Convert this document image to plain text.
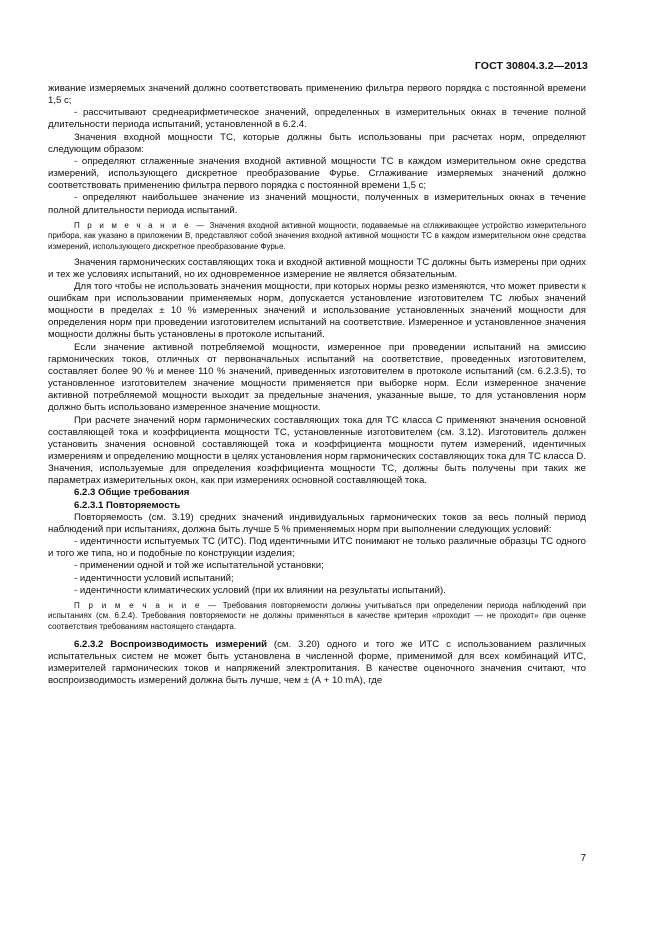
ГОСТ 30804.3.2—2013

живание измеряемых значений должно соответствовать применению фильтра первого порядка с постоянной времени 1,5 с;

- рассчитывают среднеарифметическое значений, определенных в измерительных окнах в течение полной длительности периода испытаний, установленной в 6.2.4.

Значения входной мощности ТС, которые должны быть использованы при расчетах норм, определяют следующим образом:

- определяют сглаженные значения входной активной мощности ТС в каждом измерительном окне средства измерений, использующего дискретное преобразование Фурье. Сглаживание измеряемых значений должно соответствовать применению фильтра первого порядка с постоянной времени 1,5 с;

- определяют наибольшее значение из значений мощности, полученных в измерительных окнах в течение полной длительности периода испытаний.

П р и м е ч а н и е — Значения входной активной мощности, подаваемые на сглаживающее устройство измерительного прибора, как указано в приложении В, представляют собой значения входной активной мощности ТС в каждом измерительном окне средства измерений, использующего дискретное преобразование Фурье.

Значения гармонических составляющих тока и входной активной мощности ТС должны быть измерены при одних и тех же условиях испытаний, но их одновременное измерение не является обязательным.

Для того чтобы не использовать значения мощности, при которых нормы резко изменяются, что может привести к ошибкам при использовании применяемых норм, допускается установление изготовителем ТС любых значений мощности в пределах ± 10 % измеренных значений и использование установленных значений мощности для определения норм при проведении изготовителем испытаний на соответствие. Измеренное и установленное значения мощности должны быть установлены в протоколе испытаний.

Если значение активной потребляемой мощности, измеренное при проведении испытаний на эмиссию гармонических токов, отличных от первоначальных испытаний на соответствие, проведенных изготовителем, составляет более 90 % и менее 110 % значений, приведенных изготовителем в протоколе испытаний (см. 6.2.3.5), то установленное изготовителем значение мощности применяется при выборке норм. Если измеренное значение активной потребляемой мощности выходит за предельные значения, указанные выше, то для установления норм должно быть использовано измеренное значение мощности.

При расчете значений норм гармонических составляющих тока для ТС класса С применяют значения основной составляющей тока и коэффициента мощности ТС, установленные изготовителем (см. 3.12). Изготовитель должен установить значения основной составляющей тока и коэффициента мощности путем измерений, идентичных измерениям и определению мощности в целях установления норм гармонических составляющих тока для ТС класса D. Значения, используемые для определения коэффициента мощности ТС, должны быть получены при таких же параметрах измерительных окон, как при измерениях основной составляющей тока.

6.2.3 Общие требования

6.2.3.1 Повторяемость

Повторяемость (см. 3.19) средних значений индивидуальных гармонических токов за весь полный период наблюдений при испытаниях, должна быть лучше 5 % применяемых норм при выполнении следующих условий:

- идентичности испытуемых ТС (ИТС). Под идентичными ИТС понимают не только различные образцы ТС одного и того же типа, но и подобные по конструкции изделия;

- применении одной и той же испытательной установки;

- идентичности условий испытаний;

- идентичности климатических условий (при их влиянии на результаты испытаний).

П р и м е ч а н и е — Требования повторяемости должны учитываться при определении периода наблюдений при испытаниях (см. 6.2.4). Требования повторяемости не должны применяться в качестве критерия «проходит — не проходит» при оценке соответствия требованиям настоящего стандарта.

6.2.3.2 Воспроизводимость измерений (см. 3.20) одного и того же ИТС с использованием различных испытательных систем не может быть установлена в численной форме, применимой для всех комбинаций ИТС, измерителей гармонических токов и напряжений электропитания. В качестве оценочного значения считают, что воспроизводимость измерений должна быть лучше, чем ± (А + 10 mА), где

7
